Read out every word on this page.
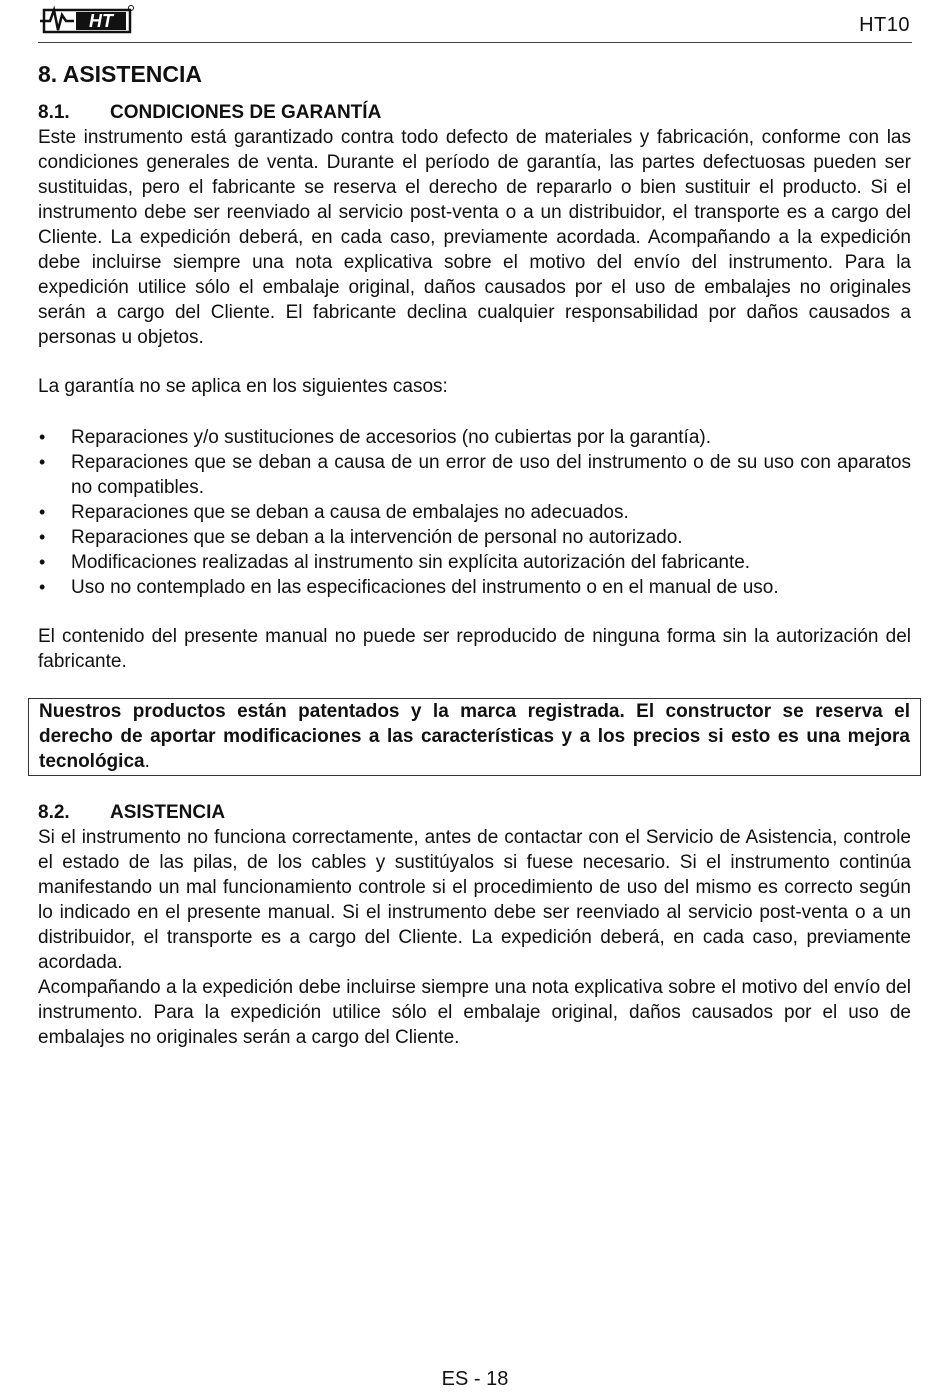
HT	HT10
8. ASISTENCIA
8.1. CONDICIONES DE GARANTÍA

Este instrumento está garantizado contra todo defecto de materiales y fabricación, conforme con las condiciones generales de venta. Durante el período de garantía, las partes defectuosas pueden ser sustituidas, pero el fabricante se reserva el derecho de repararlo o bien sustituir el producto. Si el instrumento debe ser reenviado al servicio post-venta o a un distribuidor, el transporte es a cargo del Cliente. La expedición deberá, en cada caso, previamente acordada. Acompañando a la expedición debe incluirse siempre una nota explicativa sobre el motivo del envío del instrumento. Para la expedición utilice sólo el embalaje original, daños causados por el uso de embalajes no originales serán a cargo del Cliente. El fabricante declina cualquier responsabilidad por daños causados a personas u objetos.

La garantía no se aplica en los siguientes casos:

• Reparaciones y/o sustituciones de accesorios (no cubiertas por la garantía).
• Reparaciones que se deban a causa de un error de uso del instrumento o de su uso con aparatos no compatibles.
• Reparaciones que se deban a causa de embalajes no adecuados.
• Reparaciones que se deban a la intervención de personal no autorizado.
• Modificaciones realizadas al instrumento sin explícita autorización del fabricante.
• Uso no contemplado en las especificaciones del instrumento o en el manual de uso.

El contenido del presente manual no puede ser reproducido de ninguna forma sin la autorización del fabricante.

Nuestros productos están patentados y la marca registrada. El constructor se reserva el derecho de aportar modificaciones a las características y a los precios si esto es una mejora tecnológica.
8.2. ASISTENCIA

Si el instrumento no funciona correctamente, antes de contactar con el Servicio de Asistencia, controle el estado de las pilas, de los cables y sustitúyalos si fuese necesario. Si el instrumento continúa manifestando un mal funcionamiento controle si el procedimiento de uso del mismo es correcto según lo indicado en el presente manual. Si el instrumento debe ser reenviado al servicio post-venta o a un distribuidor, el transporte es a cargo del Cliente. La expedición deberá, en cada caso, previamente acordada.

Acompañando a la expedición debe incluirse siempre una nota explicativa sobre el motivo del envío del instrumento. Para la expedición utilice sólo el embalaje original, daños causados por el uso de embalajes no originales serán a cargo del Cliente.

ES - 18
